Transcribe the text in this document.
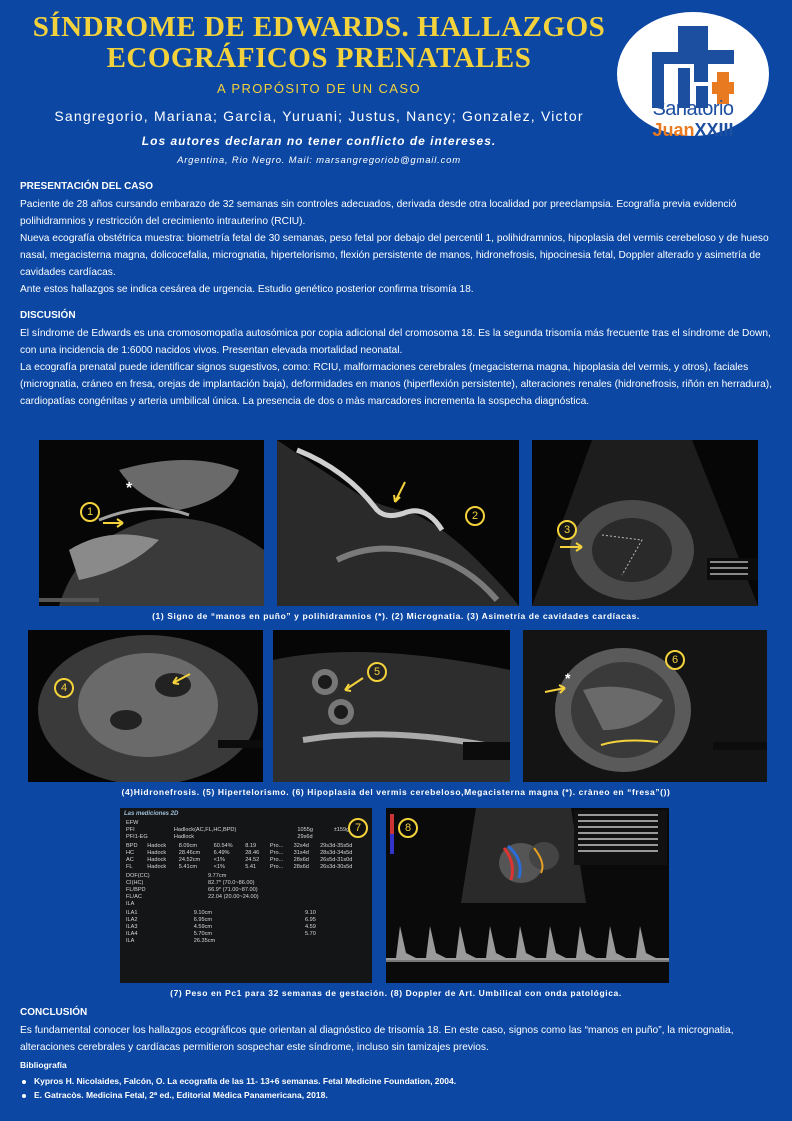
SÍNDROME DE EDWARDS. HALLAZGOS
ECOGRÁFICOS PRENATALES
A PROPÓSITO DE UN CASO
Sangregorio, Mariana; Garcìa, Yuruani; Justus, Nancy; Gonzalez, Victor
Los autores declaran no tener conflicto de intereses.
Argentina, Rio Negro. Mail: marsangregoriob@gmail.com
Sanatorio
JuanXXIII
PRESENTACIÓN DEL CASO

Paciente de 28 años cursando embarazo de 32 semanas sin controles adecuados, derivada desde otra localidad por preeclampsia. Ecografía previa evidenció polihidramnios y restricción del crecimiento intrauterino (RCIU).

Nueva ecografía obstétrica muestra: biometría fetal de 30 semanas, peso fetal por debajo del percentil 1, polihidramnios, hipoplasia del vermis cerebeloso y de hueso nasal, megacisterna magna, dolicocefalia, micrognatia, hipertelorismo, flexión persistente de manos, hidronefrosis, hipocinesia fetal, Doppler alterado y asimetría de cavidades cardíacas.

Ante estos hallazgos se indica cesárea de urgencia. Estudio genético posterior confirma trisomía 18.

DISCUSIÓN

El síndrome de Edwards es una cromosomopatìa autosómica por copia adicional del cromosoma 18. Es la segunda trisomía más frecuente tras el síndrome de Down, con una incidencia de 1:6000 nacidos vivos. Presentan elevada mortalidad neonatal.

La ecografía prenatal puede identificar signos sugestivos, como: RCIU, malformaciones cerebrales (megacisterna magna, hipoplasia del vermis, y otros), faciales (micrognatia, cráneo en fresa, orejas de implantación baja), deformidades en manos (hiperflexión persistente), alteraciones renales (hidronefrosis, riñón en herradura), cardiopatías congénitas y arteria umbilical única. La presencia de dos o màs marcadores incrementa la sospecha diagnóstica.

1
*
2
3
(1) Signo de “manos en puño” y polihidramnios (*). (2) Micrognatia. (3) Asimetría de cavidades cardíacas.
4
5
6
*
(4)Hidronefrosis. (5) Hipertelorismo. (6) Hipoplasia del vermis cerebeloso,Megacisterna magna (*). cràneo en “fresa”())
Las mediciones 2D
EFW			
PFI	Hadlock(AC,FL,HC,BPD)	1055g	±159g
PFI1-EG	Hadlock	29s6d	
BPD	Hadock	8.09cm	60.54%	8.19	Pro...	32s4d	29s3d-35s5d
HC	Hadock	28.46cm	6.49%	28.46	Pro...	31s4d	28s3d-34s5d
AC	Hadock	24.52cm	<1%	24.52	Pro...	28s6d	26s5d-31s0d
FL	Hadock	5.41cm	<1%	5.41	Pro...	28s6d	26s3d-30s5d
DOF(CC)	9.77cm
CI(HC)	82.7* (70.0~86.00)
FL/BPD	66.9* (71.00~87.00)
FL/AC	22.04 (20.00~24.00)
ILA	
ILA1	9.10cm	9.10
ILA2	6.95cm	6.95
ILA3	4.59cm	4.59
ILA4	5.70cm	5.70
ILA	26.35cm	
7	8
(7) Peso en Pc1 para 32 semanas de gestación. (8) Doppler de Art. Umbilical con onda patológica.
CONCLUSIÓN

Es fundamental conocer los hallazgos ecográficos que orientan al diagnóstico de trisomía 18. En este caso, signos como las “manos en puño”, la micrognatia, alteraciones cerebrales y cardíacas permitieron sospechar este síndrome, incluso sin tamizajes previos.

Bibliografía
Kypros H. Nicolaides, Falcón, O. La ecografía de las 11- 13+6 semanas. Fetal Medicine Foundation, 2004.
E. Gatracòs. Medicina Fetal, 2ª ed., Editorial Mèdica Panamericana, 2018.
